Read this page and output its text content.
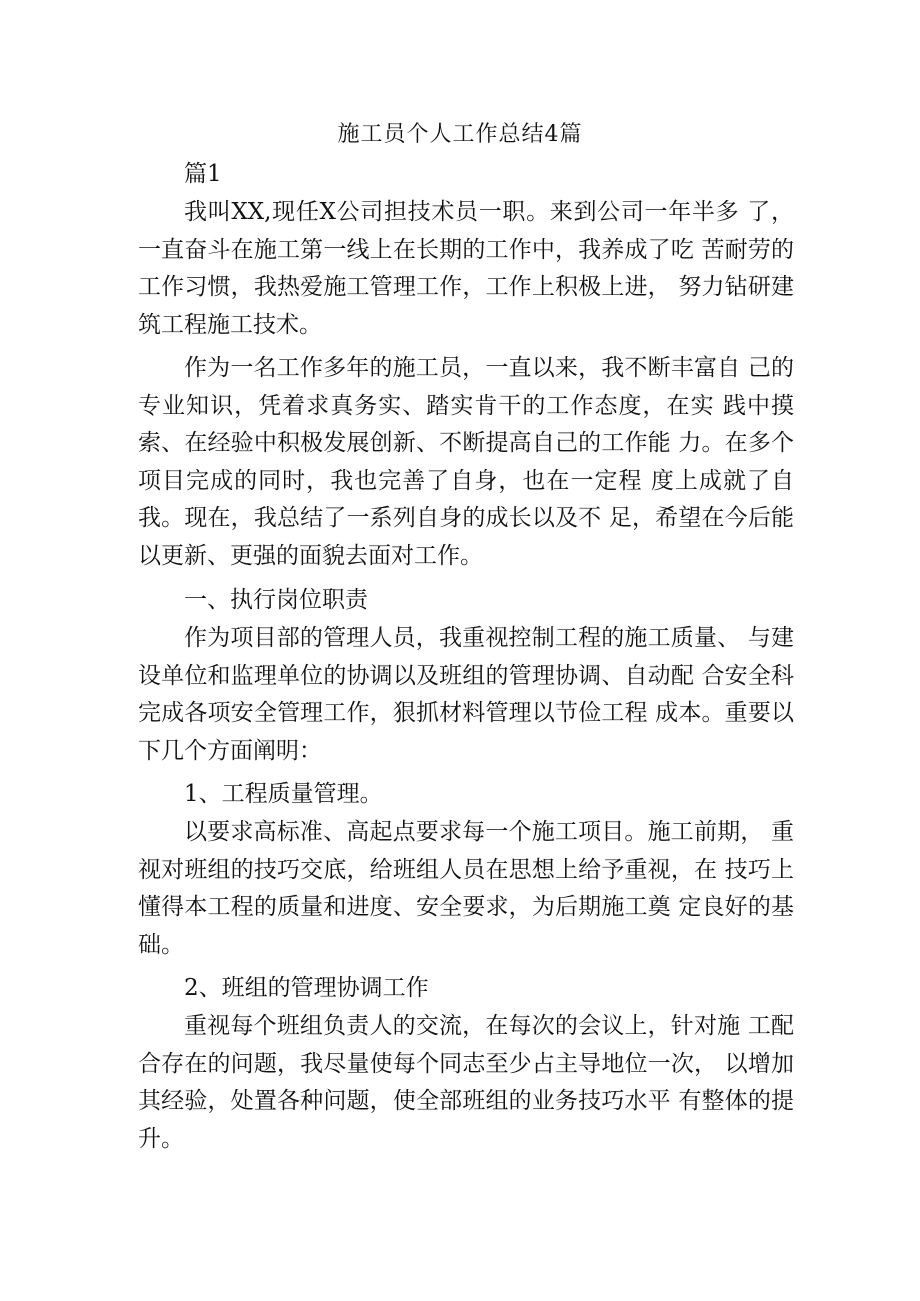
施工员个人工作总结4篇
篇1

我叫XX,现任X公司担技术员一职。来到公司一年半多 了，一直奋斗在施工第一线上在长期的工作中，我养成了吃 苦耐劳的工作习惯，我热爱施工管理工作，工作上积极上进， 努力钻研建筑工程施工技术。

作为一名工作多年的施工员，一直以来，我不断丰富自 己的专业知识，凭着求真务实、踏实肯干的工作态度，在实 践中摸索、在经验中积极发展创新、不断提高自己的工作能 力。在多个项目完成的同时，我也完善了自身，也在一定程 度上成就了自我。现在，我总结了一系列自身的成长以及不 足，希望在今后能以更新、更强的面貌去面对工作。

一、执行岗位职责

作为项目部的管理人员，我重视控制工程的施工质量、 与建设单位和监理单位的协调以及班组的管理协调、自动配 合安全科完成各项安全管理工作，狠抓材料管理以节俭工程 成本。重要以下几个方面阐明：

1、工程质量管理。

以要求高标准、高起点要求每一个施工项目。施工前期， 重视对班组的技巧交底，给班组人员在思想上给予重视，在 技巧上懂得本工程的质量和进度、安全要求，为后期施工奠 定良好的基础。

2、班组的管理协调工作

重视每个班组负责人的交流，在每次的会议上，针对施 工配合存在的问题，我尽量使每个同志至少占主导地位一次， 以增加其经验，处置各种问题，使全部班组的业务技巧水平 有整体的提升。
